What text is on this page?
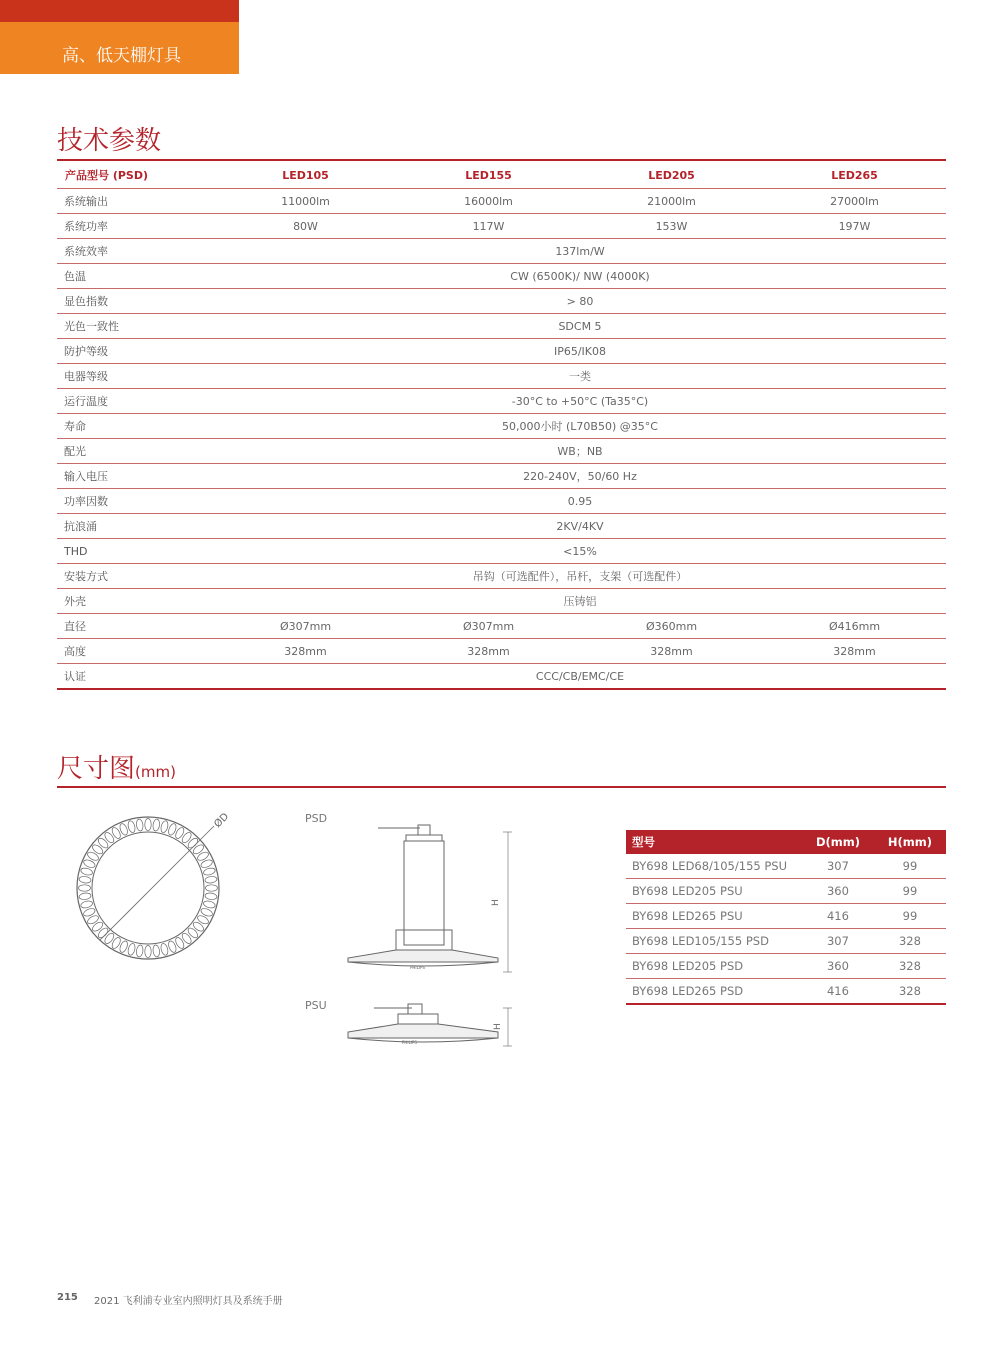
高、低天棚灯具
技术参数
产品型号 (PSD)	LED105	LED155	LED205	LED265
系统输出	11000lm	16000lm	21000lm	27000lm
系统功率	80W	117W	153W	197W
系统效率	137lm/W			
色温	CW (6500K)/ NW (4000K)			
显色指数	> 80			
光色一致性	SDCM 5			
防护等级	IP65/IK08			
电器等级	一类			
运行温度	-30°C to +50°C (Ta35°C)			
寿命	50,000小时 (L70B50) @35°C			
配光	WB；NB			
输入电压	220-240V，50/60 Hz			
功率因数	0.95			
抗浪涌	2KV/4KV			
THD	<15%			
安装方式	吊钩（可选配件），吊杆，支架（可选配件）			
外壳	压铸铝			
直径	Ø307mm	Ø307mm	Ø360mm	Ø416mm
高度	328mm	328mm	328mm	328mm
认证	CCC/CB/EMC/CE			
尺寸图(mm)
ØD	PSD
PHILIPS
H
PSU
PHILIPS
H
型号	D(mm)	H(mm)
BY698 LED68/105/155 PSU	307	99
BY698 LED205 PSU	360	99
BY698 LED265 PSU	416	99
BY698 LED105/155 PSD	307	328
BY698 LED205 PSD	360	328
BY698 LED265 PSD	416	328
215 2021 飞利浦专业室内照明灯具及系统手册
